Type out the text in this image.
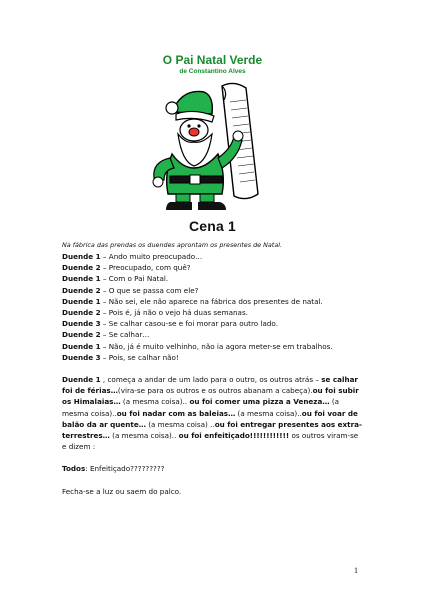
O Pai Natal Verde
de Constantino Alves
Cena 1
Na fábrica das prendas os duendes aprontam os presentes de Natal.
Duende 1 – Ando muito preocupado…
Duende 2 – Preocupado, com quê?
Duende 1 – Com o Pai Natal.
Duende 2 – O que se passa com ele?
Duende 1 – Não sei, ele não aparece na fábrica dos presentes de natal.
Duende 2 – Pois é, já não o vejo há duas semanas.
Duende 3 – Se calhar casou-se e foi morar para outro lado.
Duende 2 – Se calhar…
Duende 1 – Não, já é muito velhinho, não ia agora meter-se em trabalhos.
Duende 3 – Pois, se calhar não!
Duende 1 , começa a andar de um lado para o outro, os outros atrás – se calhar foi de férias…(vira-se para os outros e os outros abanam a cabeça).ou foi subir os Himalaias… (a mesma coisa).. ou foi comer uma pizza a Veneza… (a mesma coisa)..ou foi nadar com as baleias… (a mesma coisa)..ou foi voar de balão da ar quente… (a mesma coisa) ..ou foi entregar presentes aos extra-terrestres… (a mesma coisa).. ou foi enfeitiçado!!!!!!!!!!!! os outros viram-se e dizem :
Todos: Enfeitiçado?????????
Fecha-se a luz ou saem do palco.
1
